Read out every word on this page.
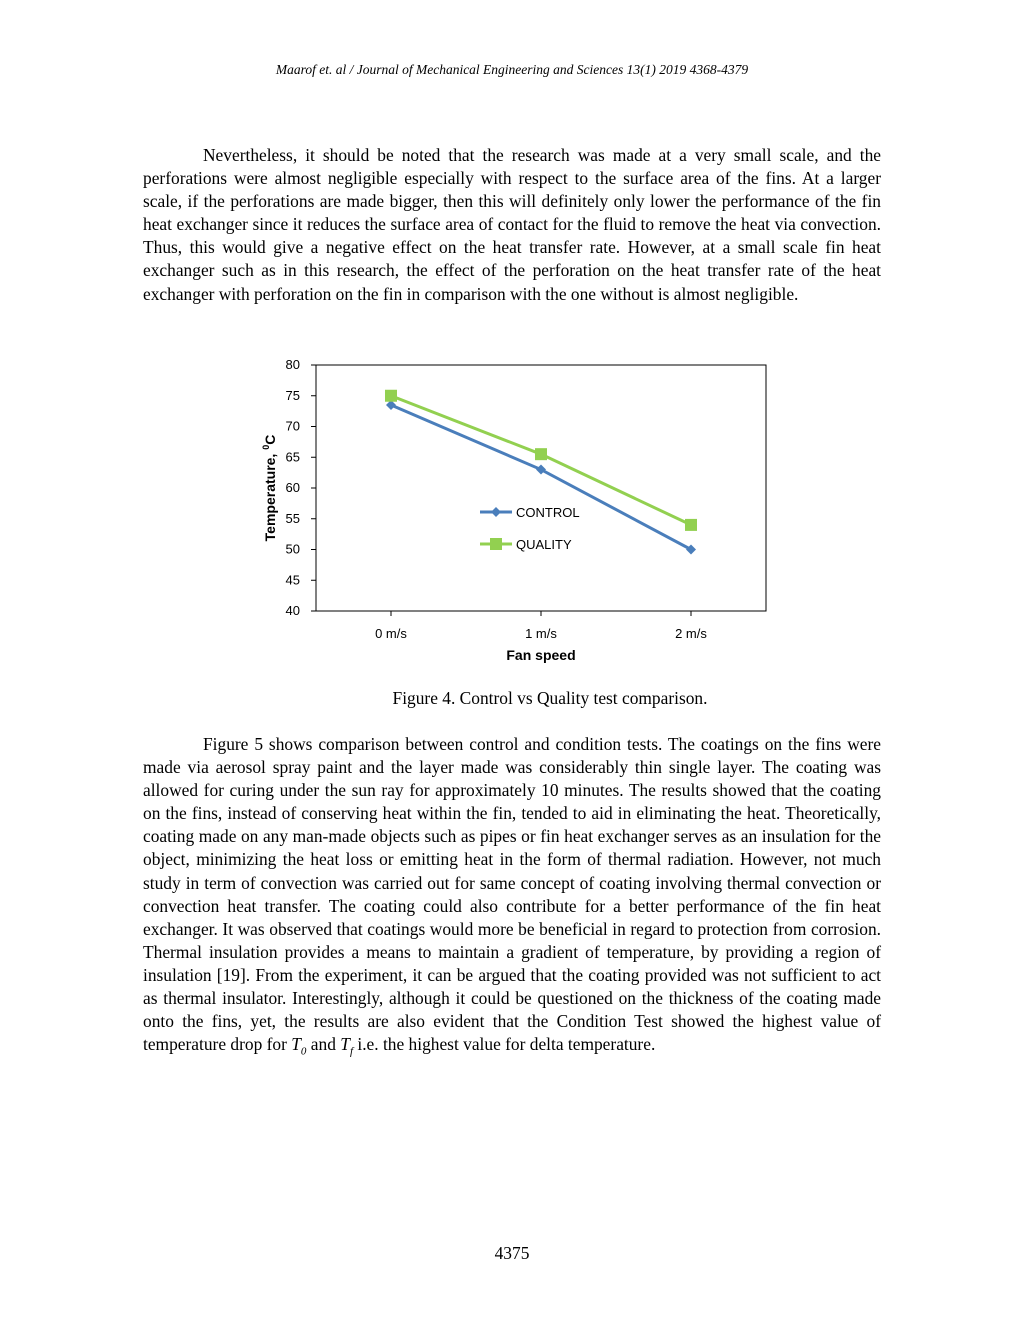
Maarof et. al / Journal of Mechanical Engineering and Sciences 13(1) 2019 4368-4379

Nevertheless, it should be noted that the research was made at a very small scale, and the perforations were almost negligible especially with respect to the surface area of the fins. At a larger scale, if the perforations are made bigger, then this will definitely only lower the performance of the fin heat exchanger since it reduces the surface area of contact for the fluid to remove the heat via convection. Thus, this would give a negative effect on the heat transfer rate. However, at a small scale fin heat exchanger such as in this research, the effect of the perforation on the heat transfer rate of the heat exchanger with perforation on the fin in comparison with the one without is almost negligible.

80
75
70
65
60
55
50
45
40
0 m/s	1 m/s	2 m/s
CONTROL
QUALITY
Fan speed
Temperature, $^0$C
Figure 4. Control vs Quality test comparison.

Figure 5 shows comparison between control and condition tests. The coatings on the fins were made via aerosol spray paint and the layer made was considerably thin single layer. The coating was allowed for curing under the sun ray for approximately 10 minutes. The results showed that the coating on the fins, instead of conserving heat within the fin, tended to aid in eliminating the heat. Theoretically, coating made on any man-made objects such as pipes or fin heat exchanger serves as an insulation for the object, minimizing the heat loss or emitting heat in the form of thermal radiation. However, not much study in term of convection was carried out for same concept of coating involving thermal convection or convection heat transfer. The coating could also contribute for a better performance of the fin heat exchanger. It was observed that coatings would more be beneficial in regard to protection from corrosion. Thermal insulation provides a means to maintain a gradient of temperature, by providing a region of insulation [19]. From the experiment, it can be argued that the coating provided was not sufficient to act as thermal insulator. Interestingly, although it could be questioned on the thickness of the coating made onto the fins, yet, the results are also evident that the Condition Test showed the highest value of temperature drop for $T_0$ and $T_f$ i.e. the highest value for delta temperature.

4375
